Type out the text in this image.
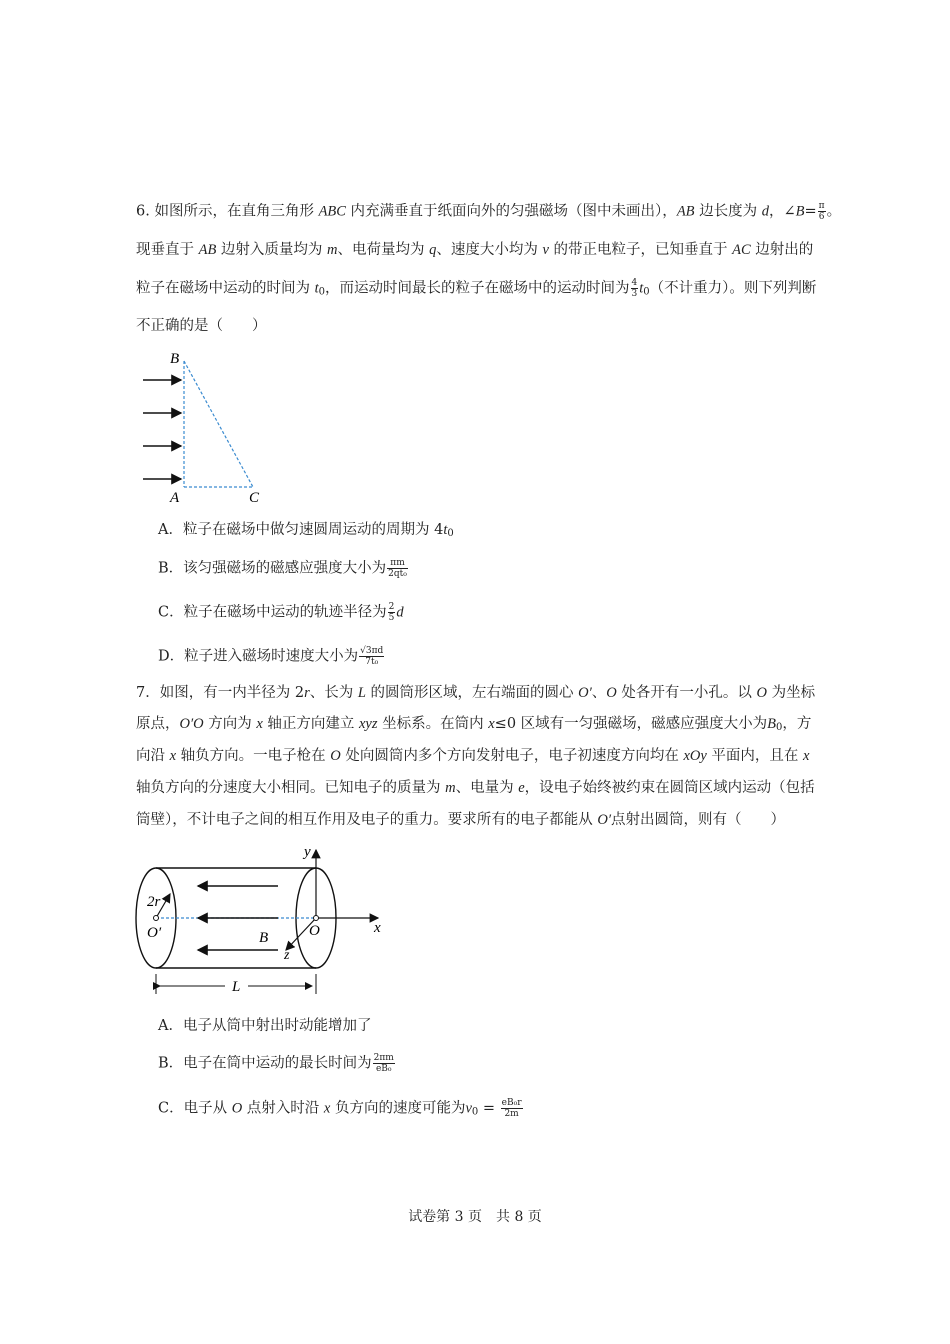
6. 如图所示，在直角三角形 ABC 内充满垂直于纸面向外的匀强磁场（图中未画出），AB 边长度为 d，∠B= $\frac{\pi}{6}$ 。
现垂直于 AB 边射入质量均为 m、电荷量均为 q、速度大小均为 v 的带正电粒子，已知垂直于 AC 边射出的
粒子在磁场中运动的时间为 $t_0$，而运动时间最长的粒子在磁场中的运动时间为 $\frac{4}{3} t_0$（不计重力）。则下列判断
不正确的是（　　）
B
A	C
A．粒子在磁场中做匀速圆周运动的周期为 $4t_0$
B．该匀强磁场的磁感应强度大小为 $\frac{\pi m}{\text{2qt₀}}$
C．粒子在磁场中运动的轨迹半径为 $\frac{2}{5}$ d
D．粒子进入磁场时速度大小为 $\frac{√3\pi d}{\text{7t₀}}$
7．如图，有一内半径为 2r、长为 L 的圆筒形区域，左右端面的圆心 O′、O 处各开有一小孔。以 O 为坐标
原点，O′O 方向为 x 轴正方向建立 xyz 坐标系。在筒内 x≤0 区域有一匀强磁场，磁感应强度大小为$B_0$，方
向沿 x 轴负方向。一电子枪在 O 处向圆筒内多个方向发射电子，电子初速度方向均在 xOy 平面内，且在 x
轴负方向的分速度大小相同。已知电子的质量为 m、电量为 e，设电子始终被约束在圆筒区域内运动（包括
筒壁），不计电子之间的相互作用及电子的重力。要求所有的电子都能从 O′点射出圆筒，则有（　　）
y
x
z
2r
O′	O
B
L
A．电子从筒中射出时动能增加了
B．电子在筒中运动的最长时间为 $\frac{2\pi m}{\text{eB₀}}$
C．电子从 O 点射入时沿 x 负方向的速度可能为$v_0 = \frac{\text{eB₀r}}{2m}$
试卷第 3 页　共 8 页
